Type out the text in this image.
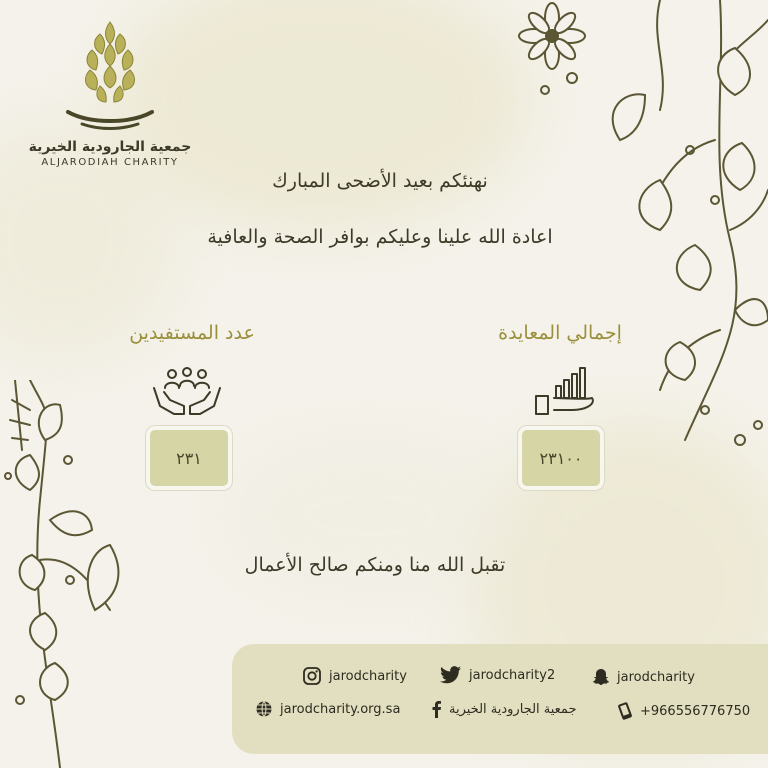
جمعية الجارودية الخيرية
ALJARODIAH CHARITY
نهنئكم بعيد الأضحى المبارك
اعادة الله علينا وعليكم بوافر الصحة والعافية
عدد المستفيدين
٢٣١
إجمالي المعايدة
٢٣١٠٠
تقبل الله منا ومنكم صالح الأعمال
jarodcharity	jarodcharity2	jarodcharity
jarodcharity.org.sa	جمعية الجارودية الخيرية	+966556776750
